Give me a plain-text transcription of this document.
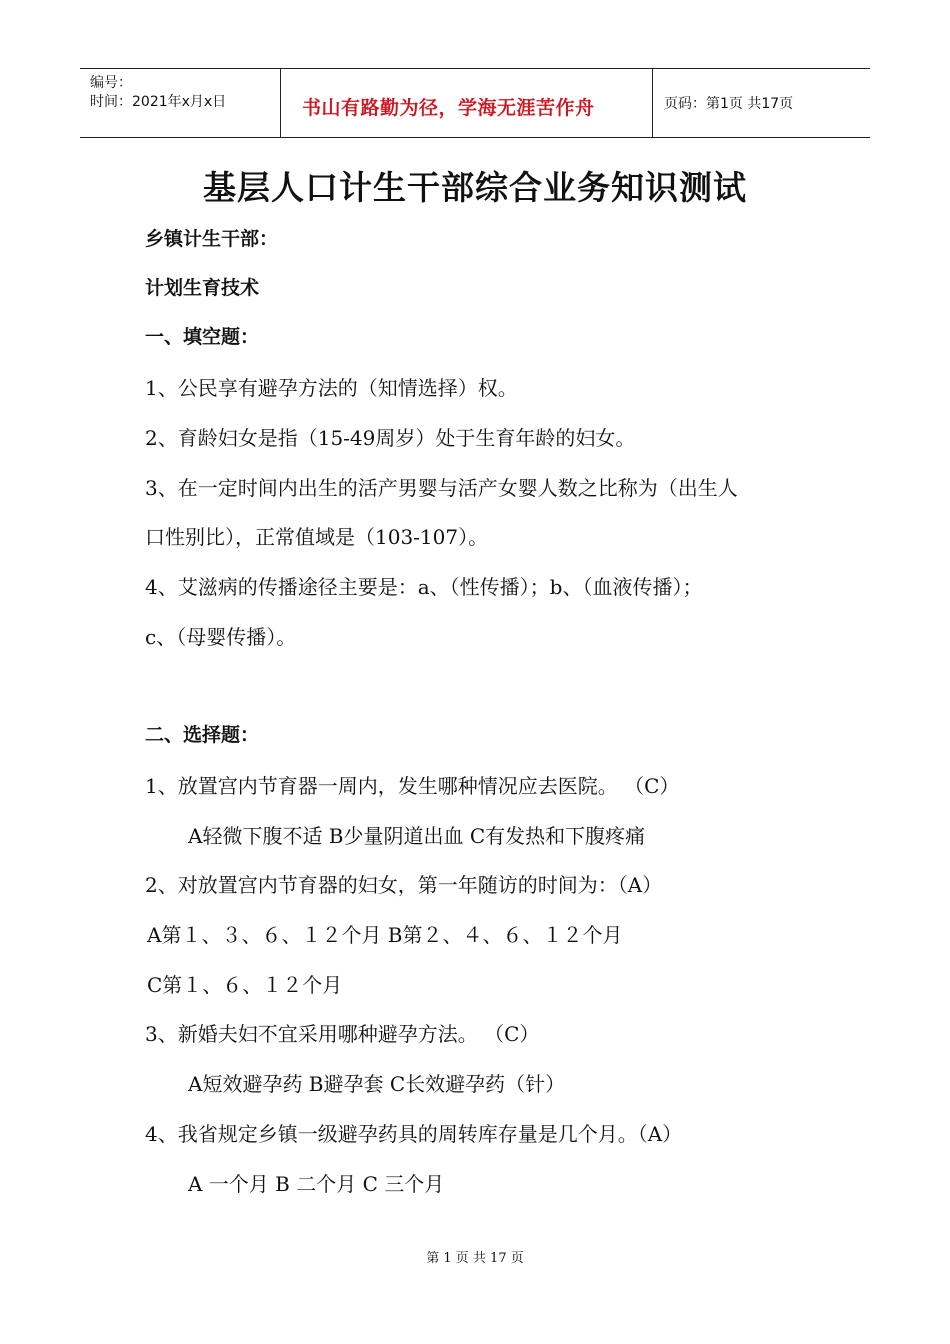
编号：
时间：2021年x月x日	书山有路勤为径，学海无涯苦作舟	页码：第1页 共17页
基层人口计生干部综合业务知识测试
乡镇计生干部：
计划生育技术
一、填空题：
1、公民享有避孕方法的（知情选择）权。
2、育龄妇女是指（15-49周岁）处于生育年龄的妇女。
3、在一定时间内出生的活产男婴与活产女婴人数之比称为（出生人
口性别比），正常值域是（103-107）。
4、艾滋病的传播途径主要是：a、（性传播）；b、（血液传播）；
c、（母婴传播）。
二、选择题：
1、放置宫内节育器一周内，发生哪种情况应去医院。 （C）
A轻微下腹不适 B少量阴道出血 C有发热和下腹疼痛
2、对放置宫内节育器的妇女，第一年随访的时间为：（A）
A第１、３、６、１２个月 B第２、４、６、１２个月
C第１、６、１２个月
3、新婚夫妇不宜采用哪种避孕方法。 （C）
A短效避孕药 B避孕套 C长效避孕药（针）
4、我省规定乡镇一级避孕药具的周转库存量是几个月。（A）
A 一个月 B 二个月 C 三个月
第 1 页 共 17 页
